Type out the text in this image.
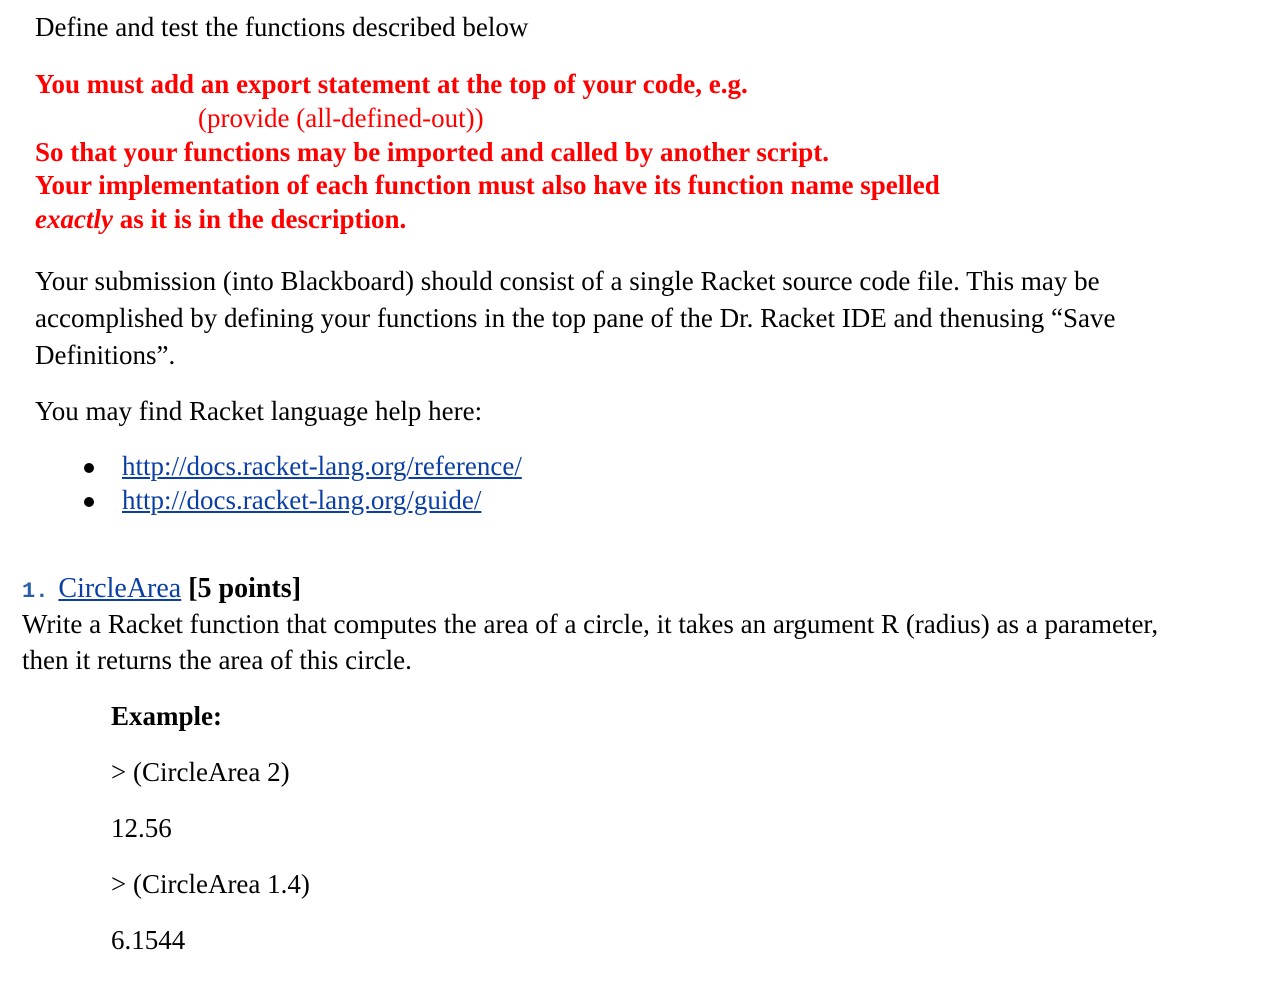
Define and test the functions described below
You must add an export statement at the top of your code, e.g.
(provide (all-defined-out))
So that your functions may be imported and called by another script.
Your implementation of each function must also have its function name spelled
exactly as it is in the description.
Your submission (into Blackboard) should consist of a single Racket source code file. This may be accomplished by defining your functions in the top pane of the Dr. Racket IDE and thenusing “Save Definitions”.
You may find Racket language help here:
http://docs.racket-lang.org/reference/
http://docs.racket-lang.org/guide/
1. CircleArea [5 points]
Write a Racket function that computes the area of a circle, it takes an argument R (radius) as a parameter, then it returns the area of this circle.
Example:
> (CircleArea 2)
12.56
> (CircleArea 1.4)
6.1544
